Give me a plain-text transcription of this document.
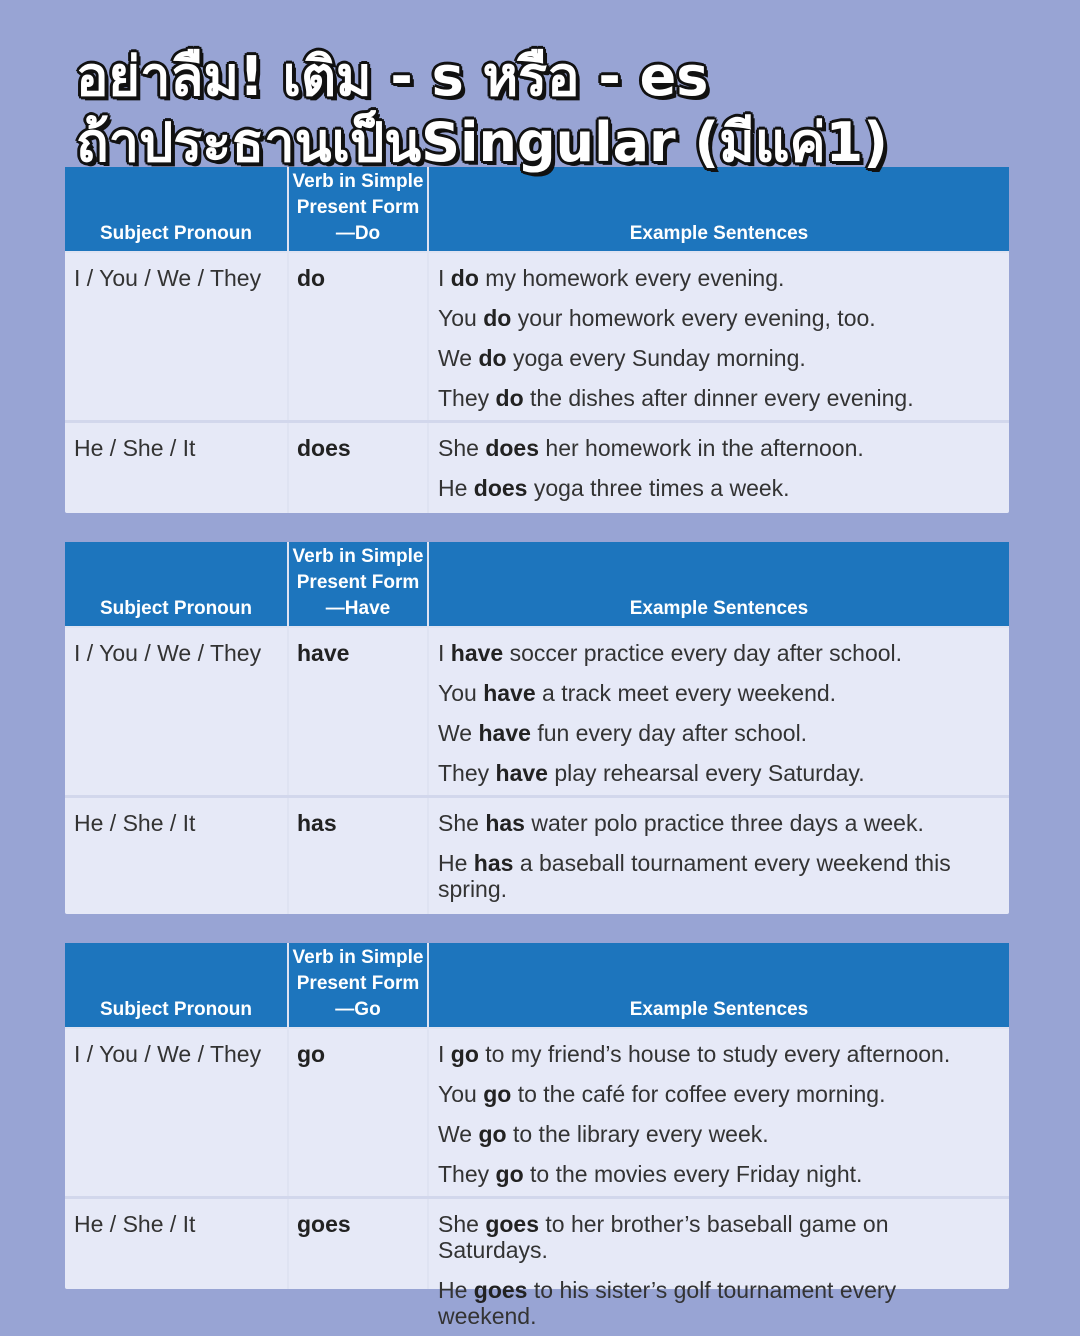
อย่าลืม! เติม - s หรือ - es
ถ้าประธานเป็นSingular (มีแค่1)
Subject Pronoun
Verb in Simple Present Form—Do	Example Sentences
I / You / We / They	do	I do my homework every evening.
You do your homework every evening, too.
We do yoga every Sunday morning.
They do the dishes after dinner every evening.
He / She / It	does	She does her homework in the afternoon.
He does yoga three times a week.
Subject Pronoun
Verb in Simple Present Form—Have	Example Sentences
I / You / We / They	have	I have soccer practice every day after school.
You have a track meet every weekend.
We have fun every day after school.
They have play rehearsal every Saturday.
He / She / It	has	She has water polo practice three days a week.
He has a baseball tournament every weekend this spring.
Subject Pronoun
Verb in Simple Present Form—Go	Example Sentences
I / You / We / They	go	I go to my friend’s house to study every afternoon.
You go to the café for coffee every morning.
We go to the library every week.
They go to the movies every Friday night.
He / She / It	goes	She goes to her brother’s baseball game on Saturdays.
He goes to his sister’s golf tournament every weekend.
